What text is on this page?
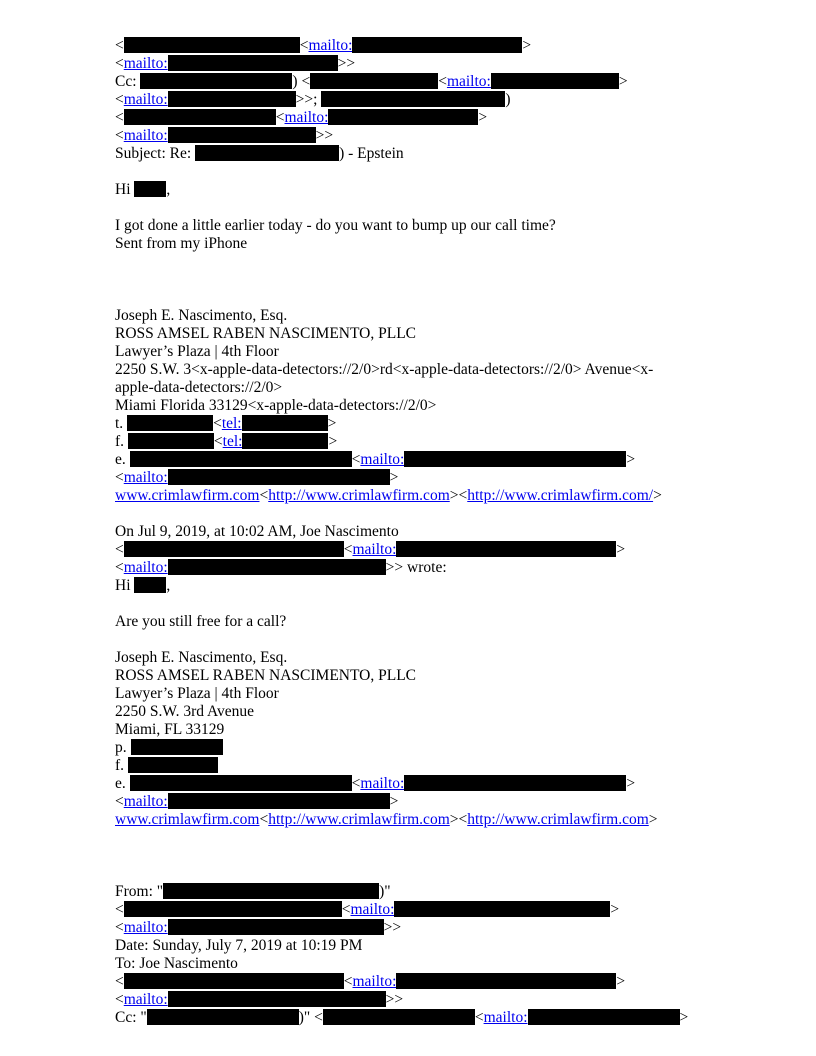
<	<mailto:	>
<mailto:	>>
Cc:	) <	<mailto:	>
<mailto:	>>;	)
<	<mailto:	>
<mailto:	>>
Subject: Re:	) - Epstein
Hi ,
I got done a little earlier today - do you want to bump up our call time?
Sent from my iPhone
Joseph E. Nascimento, Esq.
ROSS AMSEL RABEN NASCIMENTO, PLLC
Lawyer’s Plaza | 4th Floor
2250 S.W. 3<x-apple-data-detectors://2/0>rd<x-apple-data-detectors://2/0> Avenue<x-
apple-data-detectors://2/0>
Miami Florida 33129<x-apple-data-detectors://2/0>
t.	<tel:	>
f.	<tel:	>
e.	<mailto:	>
<mailto:	>
www.crimlawfirm.com<http://www.crimlawfirm.com><http://www.crimlawfirm.com/>
On Jul 9, 2019, at 10:02 AM, Joe Nascimento
<	<mailto:	>
<mailto:	>> wrote:
Hi ,
Are you still free for a call?
Joseph E. Nascimento, Esq.
ROSS AMSEL RABEN NASCIMENTO, PLLC
Lawyer’s Plaza | 4th Floor
2250 S.W. 3rd Avenue
Miami, FL 33129
p.
f.
e.	<mailto:	>
<mailto:	>
www.crimlawfirm.com<http://www.crimlawfirm.com><http://www.crimlawfirm.com>
From: "	)"
<	<mailto:	>
<mailto:	>>
Date: Sunday, July 7, 2019 at 10:19 PM
To: Joe Nascimento
<	<mailto:	>
<mailto:	>>
Cc: "	)" <	<mailto:	>
